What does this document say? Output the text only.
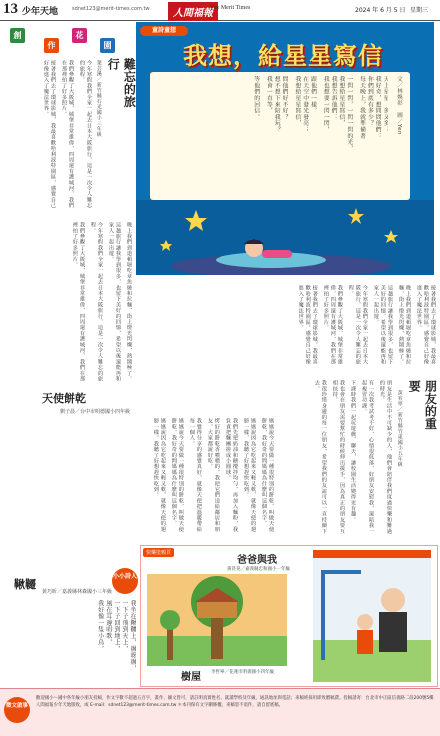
13 少年天地	sdnet123@merit-times.com.tw	人間福報
The Merit Times	2024 年 6 月 5 日 星期三
創
作
花
園
難忘的旅行
葉芸溪／新竹縣石光國小三年級

今年寒假我們全家一起去日本大阪旅行，這是一次令人難忘的旅程。

我們參觀了大阪城，城堡非常雄偉，四周還有護城河，我們在那裡拍了好多照片。

接著我們去了環球影城，我最喜歡哈利波特園區，感覺自己好像進入了魔法世界。

晚上我們到道頓堀吃章魚燒和拉麵，街上燈光閃爍，熱鬧極了。

這趟旅行讓我學到很多，也留下美好的回憶，希望以後還能再和家人一起出遊。

今年寒假我們全家一起去日本大阪旅行，這是一次令人難忘的旅程。

我們參觀了大阪城，城堡非常雄偉，四周還有護城河，我們在那裡拍了好多照片。

童詩童想
我想，給星星寫信
文／林煥彰　圖／Yen
天上星星，多又多；
我好奇，想問問他們：
你們到底有多少？
每天晚上，我就準備著
一閃一閃，一閃一閃的光，
我想給星星寫信，
我想告訴他們：
我也想要一閃一閃，
跟他們一樣，
在天空中發光發亮；
我想給星星寫信，
問他們好不好？
想不想下來陪我玩？
我會一直等，
等他們的回信。

接著我們去了環球影城，我最喜歡哈利波特園區，感覺自己好像進入了魔法世界。

晚上我們到道頓堀吃章魚燒和拉麵，街上燈光閃爍，熱鬧極了。

這趟旅行讓我學到很多，也留下美好的回憶，希望以後還能再和家人一起出遊。

今年寒假我們全家一起去日本大阪旅行，這是一次令人難忘的旅程。

我們參觀了大阪城，城堡非常雄偉，四周還有護城河，我們在那裡拍了好多照片。

接著我們去了環球影城，我最喜歡哈利波特園區，感覺自己好像進入了魔法世界。

天使餅乾
劉子晨／台中市明德國小四年級

媽媽說今天要做一種很特別的餅乾，叫做天使餅乾，我好奇的問媽媽為什麼叫這個名字。

媽媽說因為它吃起來又輕又軟，就像天使的翅膀一樣，我聽了好想趕快吃到。

我們先把奶油和糖攪拌均勻，再加入麵粉，我負責把麵團搓成小圓球。

烤好的餅乾香噴噴的，我把它們送給鄰居和朋友，大家都說好吃。

我覺得分享的感覺真好，就像天使把溫暖帶給每一個人。

媽媽說今天要做一種很特別的餅乾，叫做天使餅乾，我好奇的問媽媽為什麼叫這個名字。

媽媽說因為它吃起來又輕又軟，就像天使的翅膀一樣，我聽了好想趕快吃到。

朋友的重要
黃宥寧／新竹縣竹東國小五年級

朋友是生活中不可缺少的人，他們會陪伴我們度過快樂和難過的時光。

有一次我考試考不好，心情很低落，好朋友安慰我，還陪我一起複習功課。

下課時我們一起玩遊戲、聊天，讓校園生活變得更有趣。

我也會在朋友需要幫忙的時候伸出援手，因為真正的朋友要互相扶持。

我很珍惜身邊的每一位朋友，希望我們的友誼可以一直持續下去。

小小詩人
鞦韆
黃巧昕／嘉義縣林森國小三年級
我坐在鞦韆上，盪呀盪，
一下子飛到天上，
一下子回到地上，
風在耳邊唱歌，
我好像一隻小鳥。
快樂塗鴉頁
爸爸與我
黃甚晃／嘉義縣忠和國小一年級
樹屋 李哲寧／花蓮市明義國小四年級
徵文啟事
歡迎國小～國中各年級小朋友投稿，作文字數不超過五百字，畫作、圖文皆可，請註明真實姓名、就讀學校及年級、通訊地址與電話；來稿經採用即致贈稿費。投稿請寄：台北市中正區信義路二段200號5樓 人間福報少年天地版收，或 E-mail：sdnet123@merit-times.com.tw ＊本刊保有文字刪修權，來稿恕不退件，請自留底稿。
